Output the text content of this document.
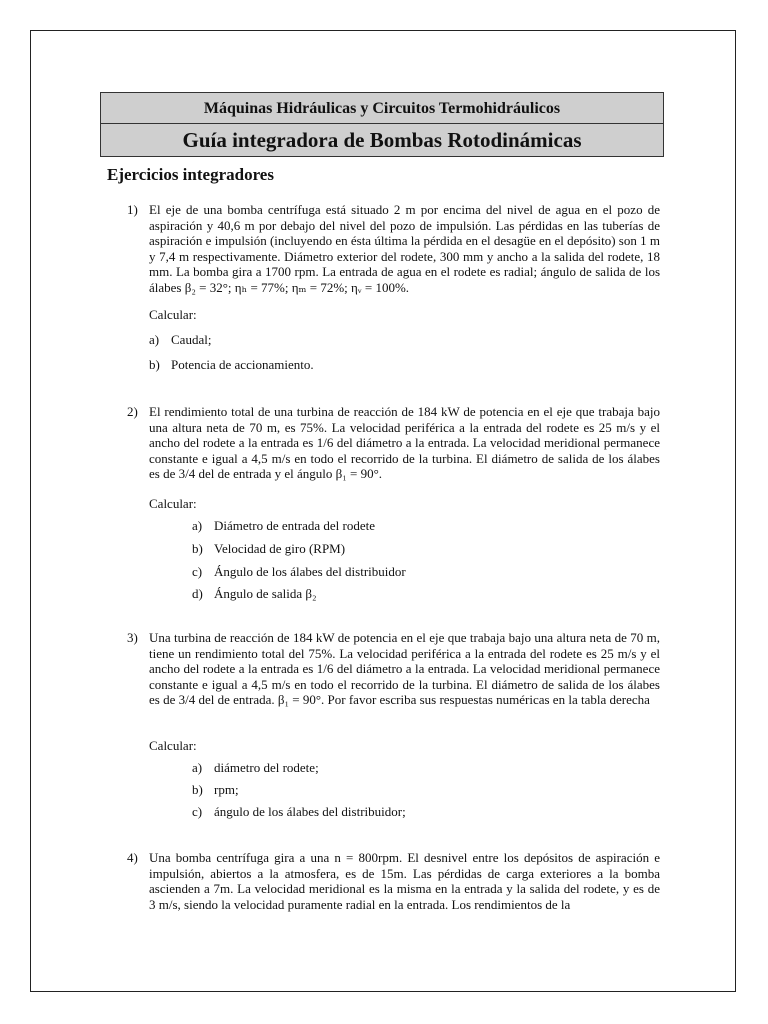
Máquinas Hidráulicas y Circuitos Termohidráulicos
Guía integradora de Bombas Rotodinámicas
Ejercicios integradores
1) El eje de una bomba centrífuga está situado 2 m por encima del nivel de agua en el pozo de aspiración y 40,6 m por debajo del nivel del pozo de impulsión. Las pérdidas en las tuberías de aspiración e impulsión (incluyendo en ésta última la pérdida en el desagüe en el depósito) son 1 m y 7,4 m respectivamente. Diámetro exterior del rodete, 300 mm y ancho a la salida del rodete, 18 mm. La bomba gira a 1700 rpm. La entrada de agua en el rodete es radial; ángulo de salida de los álabes β₂ = 32°; ηₕ = 77%; ηₘ = 72%; ηᵥ = 100%.
Calcular:
a) Caudal;
b) Potencia de accionamiento.
2) El rendimiento total de una turbina de reacción de 184 kW de potencia en el eje que trabaja bajo una altura neta de 70 m, es 75%. La velocidad periférica a la entrada del rodete es 25 m/s y el ancho del rodete a la entrada es 1/6 del diámetro a la entrada. La velocidad meridional permanece constante e igual a 4,5 m/s en todo el recorrido de la turbina. El diámetro de salida de los álabes es de 3/4 del de entrada y el ángulo β₁ = 90°.
Calcular:
a) Diámetro de entrada del rodete
b) Velocidad de giro (RPM)
c) Ángulo de los álabes del distribuidor
d) Ángulo de salida β₂
3) Una turbina de reacción de 184 kW de potencia en el eje que trabaja bajo una altura neta de 70 m, tiene un rendimiento total del 75%. La velocidad periférica a la entrada del rodete es 25 m/s y el ancho del rodete a la entrada es 1/6 del diámetro a la entrada. La velocidad meridional permanece constante e igual a 4,5 m/s en todo el recorrido de la turbina. El diámetro de salida de los álabes es de 3/4 del de entrada. β₁ = 90°. Por favor escriba sus respuestas numéricas en la tabla derecha
Calcular:
a) diámetro del rodete;
b) rpm;
c) ángulo de los álabes del distribuidor;
4) Una bomba centrífuga gira a una n = 800rpm. El desnivel entre los depósitos de aspiración e impulsión, abiertos a la atmosfera, es de 15m. Las pérdidas de carga exteriores a la bomba ascienden a 7m. La velocidad meridional es la misma en la entrada y la salida del rodete, y es de 3 m/s, siendo la velocidad puramente radial en la entrada. Los rendimientos de la
